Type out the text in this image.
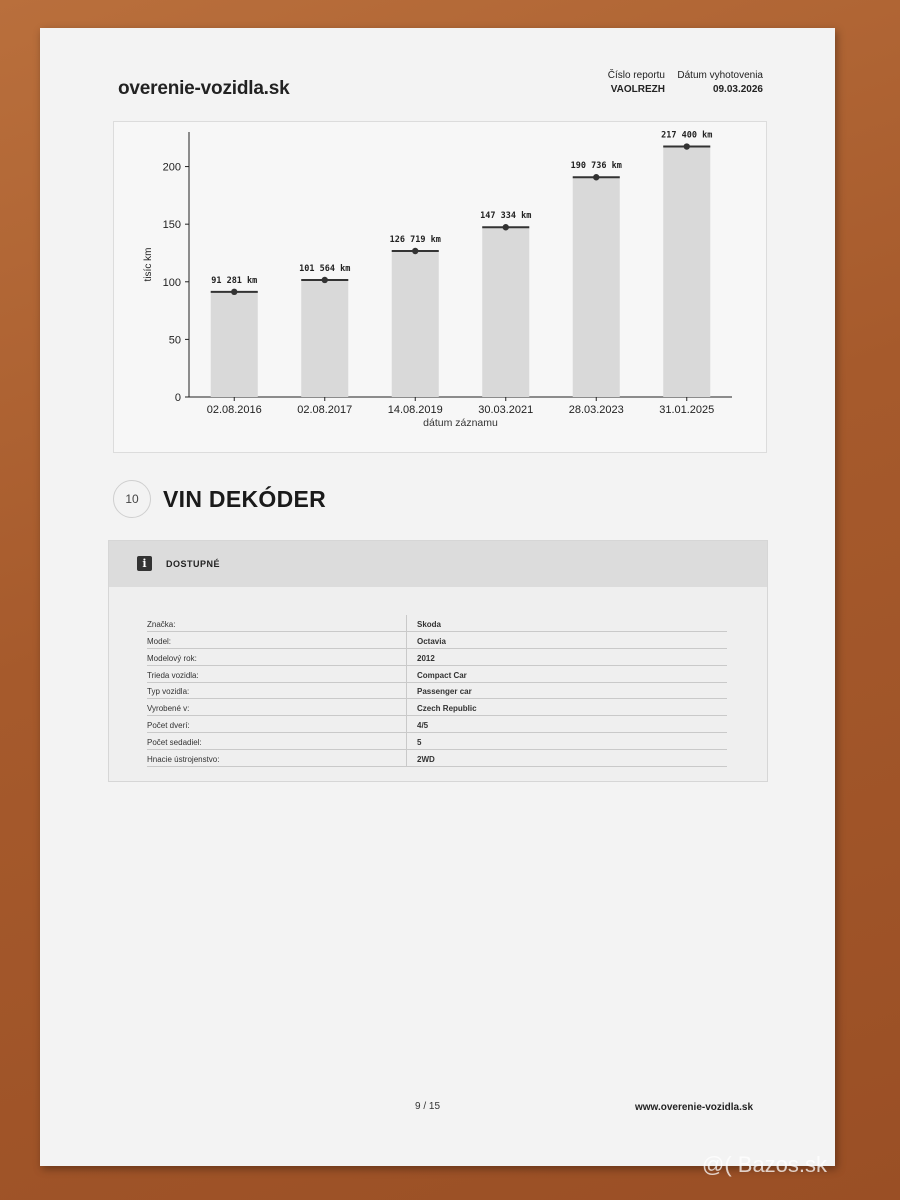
overenie-vozidla.sk
Číslo reportu
VAOLREZH
Dátum vyhotovenia
09.03.2026
0
50
100
150
200
tisíc km	91 281 km
02.08.2016
101 564 km
02.08.2017
126 719 km
14.08.2019
147 334 km
30.03.2021
190 736 km
28.03.2023
217 400 km
31.01.2025
dátum záznamu
10	VIN DEKÓDER
i	DOSTUPNÉ
Značka:	Skoda
Model:	Octavia
Modelový rok:	2012
Trieda vozidla:	Compact Car
Typ vozidla:	Passenger car
Vyrobené v:	Czech Republic
Počet dverí:	4/5
Počet sedadiel:	5
Hnacie ústrojenstvo:	2WD
9 / 15	www.overenie-vozidla.sk
@( Bazos.sk
